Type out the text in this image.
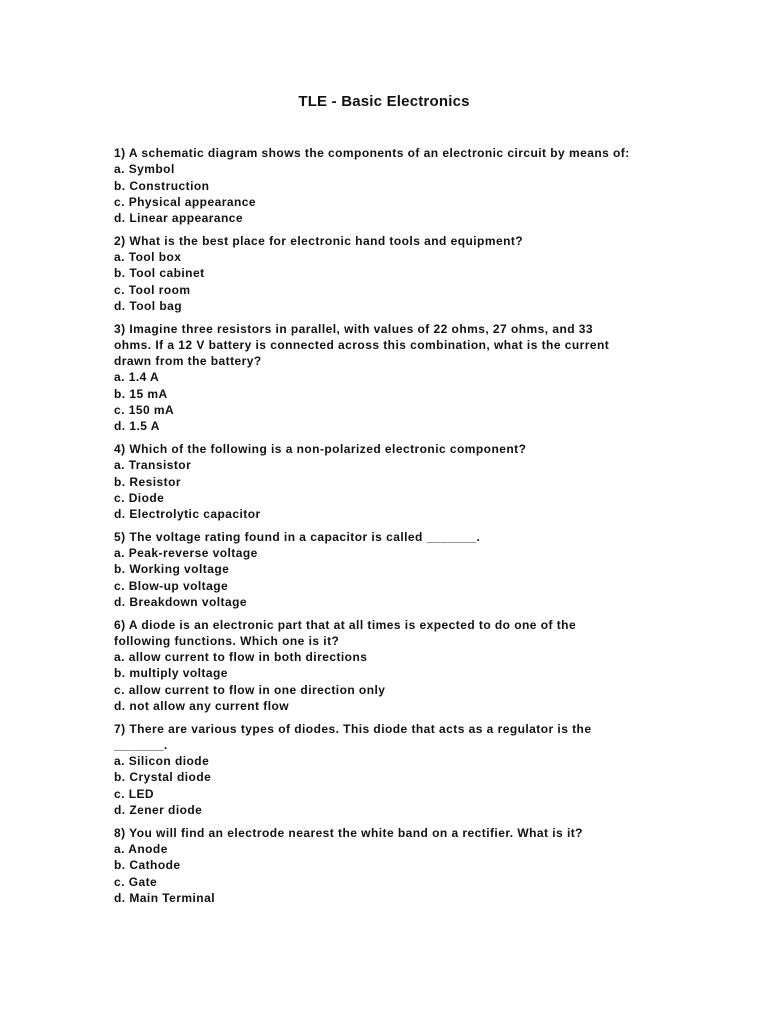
TLE - Basic Electronics
1) A schematic diagram shows the components of an electronic circuit by means of:
a. Symbol
b. Construction
c. Physical appearance
d. Linear appearance
2) What is the best place for electronic hand tools and equipment?
a. Tool box
b. Tool cabinet
c. Tool room
d. Tool bag
3) Imagine three resistors in parallel, with values of 22 ohms, 27 ohms, and 33 ohms. If a 12 V battery is connected across this combination, what is the current drawn from the battery?
a. 1.4 A
b. 15 mA
c. 150 mA
d. 1.5 A
4) Which of the following is a non-polarized electronic component?
a. Transistor
b. Resistor
c. Diode
d. Electrolytic capacitor
5) The voltage rating found in a capacitor is called _______.
a. Peak-reverse voltage
b. Working voltage
c. Blow-up voltage
d. Breakdown voltage
6) A diode is an electronic part that at all times is expected to do one of the following functions. Which one is it?
a. allow current to flow in both directions
b. multiply voltage
c. allow current to flow in one direction only
d. not allow any current flow
7) There are various types of diodes. This diode that acts as a regulator is the _______.
a. Silicon diode
b. Crystal diode
c. LED
d. Zener diode
8) You will find an electrode nearest the white band on a rectifier. What is it?
a. Anode
b. Cathode
c. Gate
d. Main Terminal
